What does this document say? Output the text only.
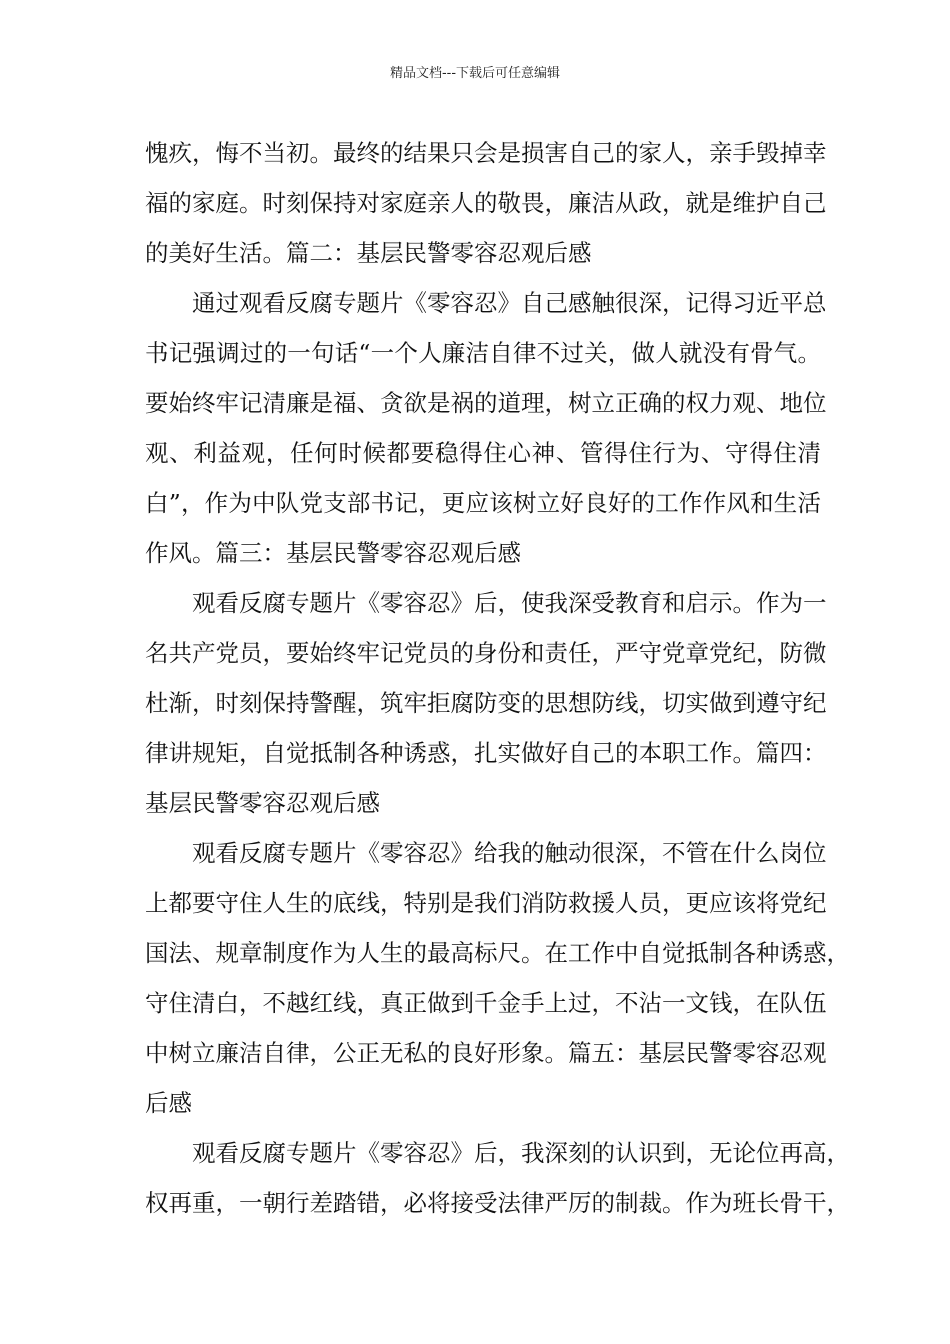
精品文档---下载后可任意编辑
愧疚，悔不当初。最终的结果只会是损害自己的家人，亲手毁掉幸
福的家庭。时刻保持对家庭亲人的敬畏，廉洁从政，就是维护自己
的美好生活。篇二：基层民警零容忍观后感
通过观看反腐专题片《零容忍》自己感触很深，记得习近平总
书记强调过的一句话“一个人廉洁自律不过关，做人就没有骨气。
要始终牢记清廉是福、贪欲是祸的道理，树立正确的权力观、地位
观、利益观，任何时候都要稳得住心神、管得住行为、守得住清
白”，作为中队党支部书记，更应该树立好良好的工作作风和生活
作风。篇三：基层民警零容忍观后感
观看反腐专题片《零容忍》后，使我深受教育和启示。作为一
名共产党员，要始终牢记党员的身份和责任，严守党章党纪，防微
杜渐，时刻保持警醒，筑牢拒腐防变的思想防线，切实做到遵守纪
律讲规矩，自觉抵制各种诱惑，扎实做好自己的本职工作。篇四：
基层民警零容忍观后感
观看反腐专题片《零容忍》给我的触动很深，不管在什么岗位
上都要守住人生的底线，特别是我们消防救援人员，更应该将党纪
国法、规章制度作为人生的最高标尺。在工作中自觉抵制各种诱惑，
守住清白，不越红线，真正做到千金手上过，不沾一文钱，在队伍
中树立廉洁自律，公正无私的良好形象。篇五：基层民警零容忍观
后感
观看反腐专题片《零容忍》后，我深刻的认识到，无论位再高，
权再重，一朝行差踏错，必将接受法律严厉的制裁。作为班长骨干，
